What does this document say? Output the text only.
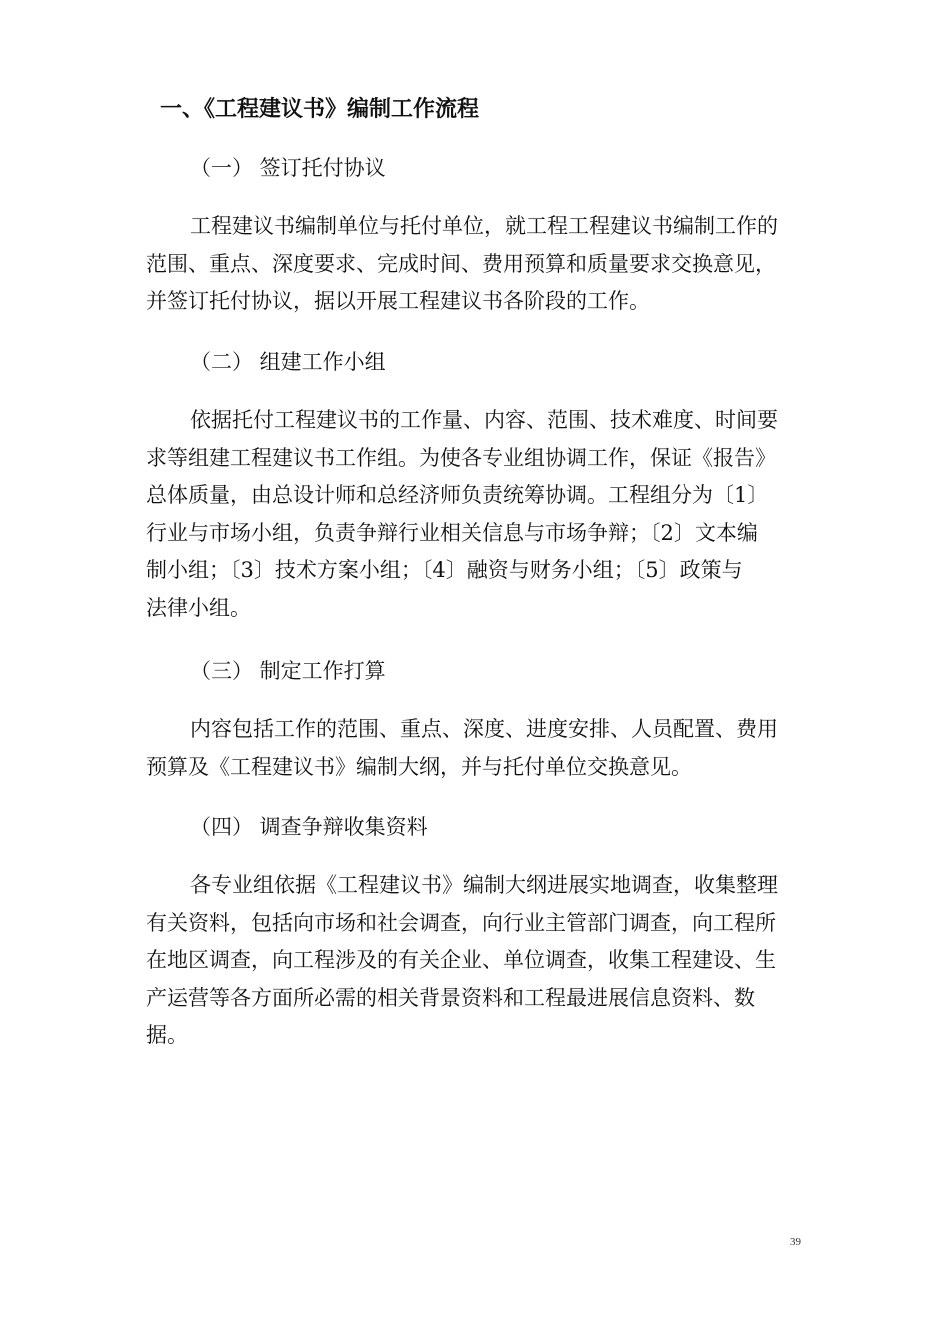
一、《工程建议书》编制工作流程
（一） 签订托付协议
工程建议书编制单位与托付单位，就工程工程建议书编制工作的
范围、重点、深度要求、完成时间、费用预算和质量要求交换意见，
并签订托付协议，据以开展工程建议书各阶段的工作。
（二） 组建工作小组
依据托付工程建议书的工作量、内容、范围、技术难度、时间要
求等组建工程建议书工作组。为使各专业组协调工作，保证《报告》
总体质量，由总设计师和总经济师负责统筹协调。工程组分为〔1〕
行业与市场小组，负责争辩行业相关信息与市场争辩；〔2〕文本编
制小组；〔3〕技术方案小组；〔4〕融资与财务小组；〔5〕政策与
法律小组。
（三） 制定工作打算
内容包括工作的范围、重点、深度、进度安排、人员配置、费用
预算及《工程建议书》编制大纲，并与托付单位交换意见。
（四） 调查争辩收集资料
各专业组依据《工程建议书》编制大纲进展实地调查，收集整理
有关资料，包括向市场和社会调查，向行业主管部门调查，向工程所
在地区调查，向工程涉及的有关企业、单位调查，收集工程建设、生
产运营等各方面所必需的相关背景资料和工程最进展信息资料、数
据。
39
